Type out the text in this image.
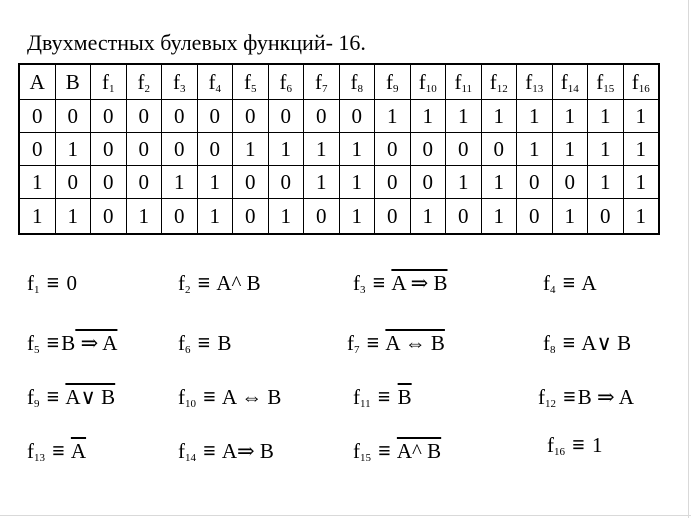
Двухместных булевых функций- 16.
A	B	$f_1$	$f_2$	$f_3$	$f_4$	$f_5$	$f_6$	$f_7$	$f_8$	$f_9$	$f_{10}$	$f_{11}$	$f_{12}$	$f_{13}$	$f_{14}$	$f_{15}$	$f_{16}$
0	0	0	0	0	0	0	0	0	0	1	1	1	1	1	1	1	1
0	1	0	0	0	0	1	1	1	1	0	0	0	0	1	1	1	1
1	0	0	0	1	1	0	0	1	1	0	0	1	1	0	0	1	1
1	1	0	1	0	1	0	1	0	1	0	1	0	1	0	1	0	1
$f_1 \equiv 0$	$f_2$ ≡ A^ B	$f_3 \equiv A$ ⇒ B	$f_4 \equiv A$
$f_5 \equiv B$ ⇒ A	$f_6 \equiv B$	$f_7 \equiv A$ ⇔ B	$f_8$ ≡ A∨ B
$f_9$ ≡ A∨ B	$f_{10} \equiv A$ ⇔ B	$f_{11} \equiv \overline{B}$	$f_{12} \equiv B$ ⇒ A
$f_{13} \equiv \overline{A}$	$f_{14}$ ≡ A⇒ B	$f_{15}$ ≡ A^ B	$f_{16} \equiv 1$
